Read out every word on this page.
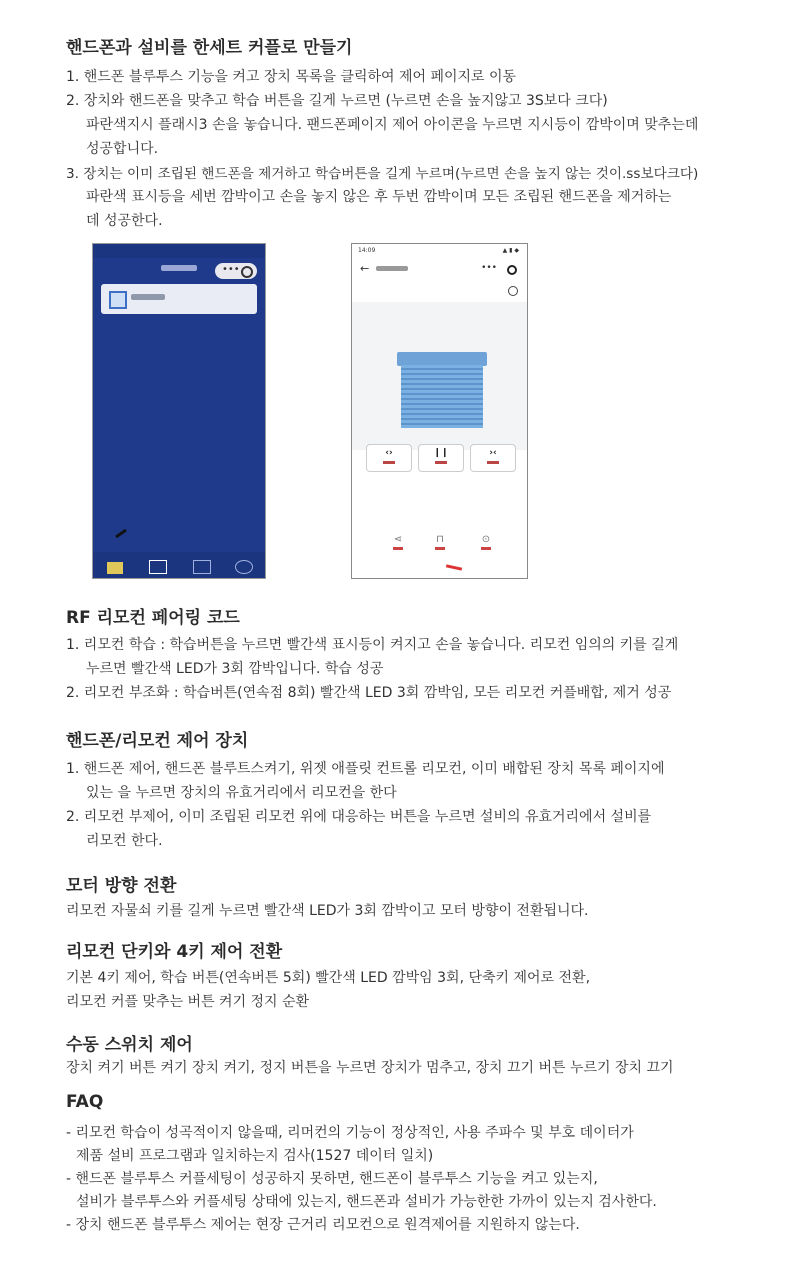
핸드폰과 설비를 한세트 커플로 만들기
1. 핸드폰 블루투스 기능을 켜고 장치 목록을 클릭하여 제어 페이지로 이동
2. 장치와 핸드폰을 맞추고 학습 버튼을 길게 누르면 (누르면 손을 높지않고 3S보다 크다)
파란색지시 플래시3 손을 놓습니다. 팬드폰페이지 제어 아이콘을 누르면 지시등이 깜박이며 맞추는데
성공합니다.
3. 장치는 이미 조립된 핸드폰을 제거하고 학습버튼을 길게 누르며(누르면 손을 높지 않는 것이.ss보다크다)
파란색 표시등을 세번 깜박이고 손을 놓지 않은 후 두번 깜박이며 모든 조립된 핸드폰을 제거하는
데 성공한다.
•••
14:09	▲ ▮ ◆
←	•••
‹›	❙❙	›‹
⋖	⊓	⊙
RF 리모컨 페어링 코드
1. 리모컨 학습 : 학습버튼을 누르면 빨간색 표시등이 켜지고 손을 놓습니다. 리모컨 임의의 키를 길게
누르면 빨간색 LED가 3회 깜박입니다. 학습 성공
2. 리모컨 부조화 : 학습버튼(연속점 8회) 빨간색 LED 3회 깜박임, 모든 리모컨 커플배합, 제거 성공
핸드폰/리모컨 제어 장치
1. 핸드폰 제어, 핸드폰 블루트스켜기, 위젯 애플릿 컨트롤 리모컨, 이미 배합된 장치 목록 페이지에
있는 을 누르면 장치의 유효거리에서 리모컨을 한다
2. 리모컨 부제어, 이미 조립된 리모컨 위에 대응하는 버튼을 누르면 설비의 유효거리에서 설비를
리모컨 한다.
모터 방향 전환
리모컨 자물쇠 키를 길게 누르면 빨간색 LED가 3회 깜박이고 모터 방향이 전환됩니다.
리모컨 단키와 4키 제어 전환
기본 4키 제어, 학습 버튼(연속버튼 5회) 빨간색 LED 깜박임 3회, 단축키 제어로 전환,
리모컨 커플 맞추는 버튼 켜기 정지 순환
수동 스위치 제어
장치 켜기 버튼 켜기 장치 켜기, 정지 버튼을 누르면 장치가 멈추고, 장치 끄기 버튼 누르기 장치 끄기
FAQ
- 리모컨 학습이 성곡적이지 않을때, 리머컨의 기능이 정상적인, 사용 주파수 및 부호 데이터가
제품 설비 프로그램과 일치하는지 검사(1527 데이터 일치)
- 핸드폰 블루투스 커플세팅이 성공하지 못하면, 핸드폰이 블루투스 기능을 켜고 있는지,
설비가 블루투스와 커플세팅 상태에 있는지, 핸드폰과 설비가 가능한한 가까이 있는지 검사한다.
- 장치 핸드폰 블루투스 제어는 현장 근거리 리모컨으로 원격제어를 지원하지 않는다.
